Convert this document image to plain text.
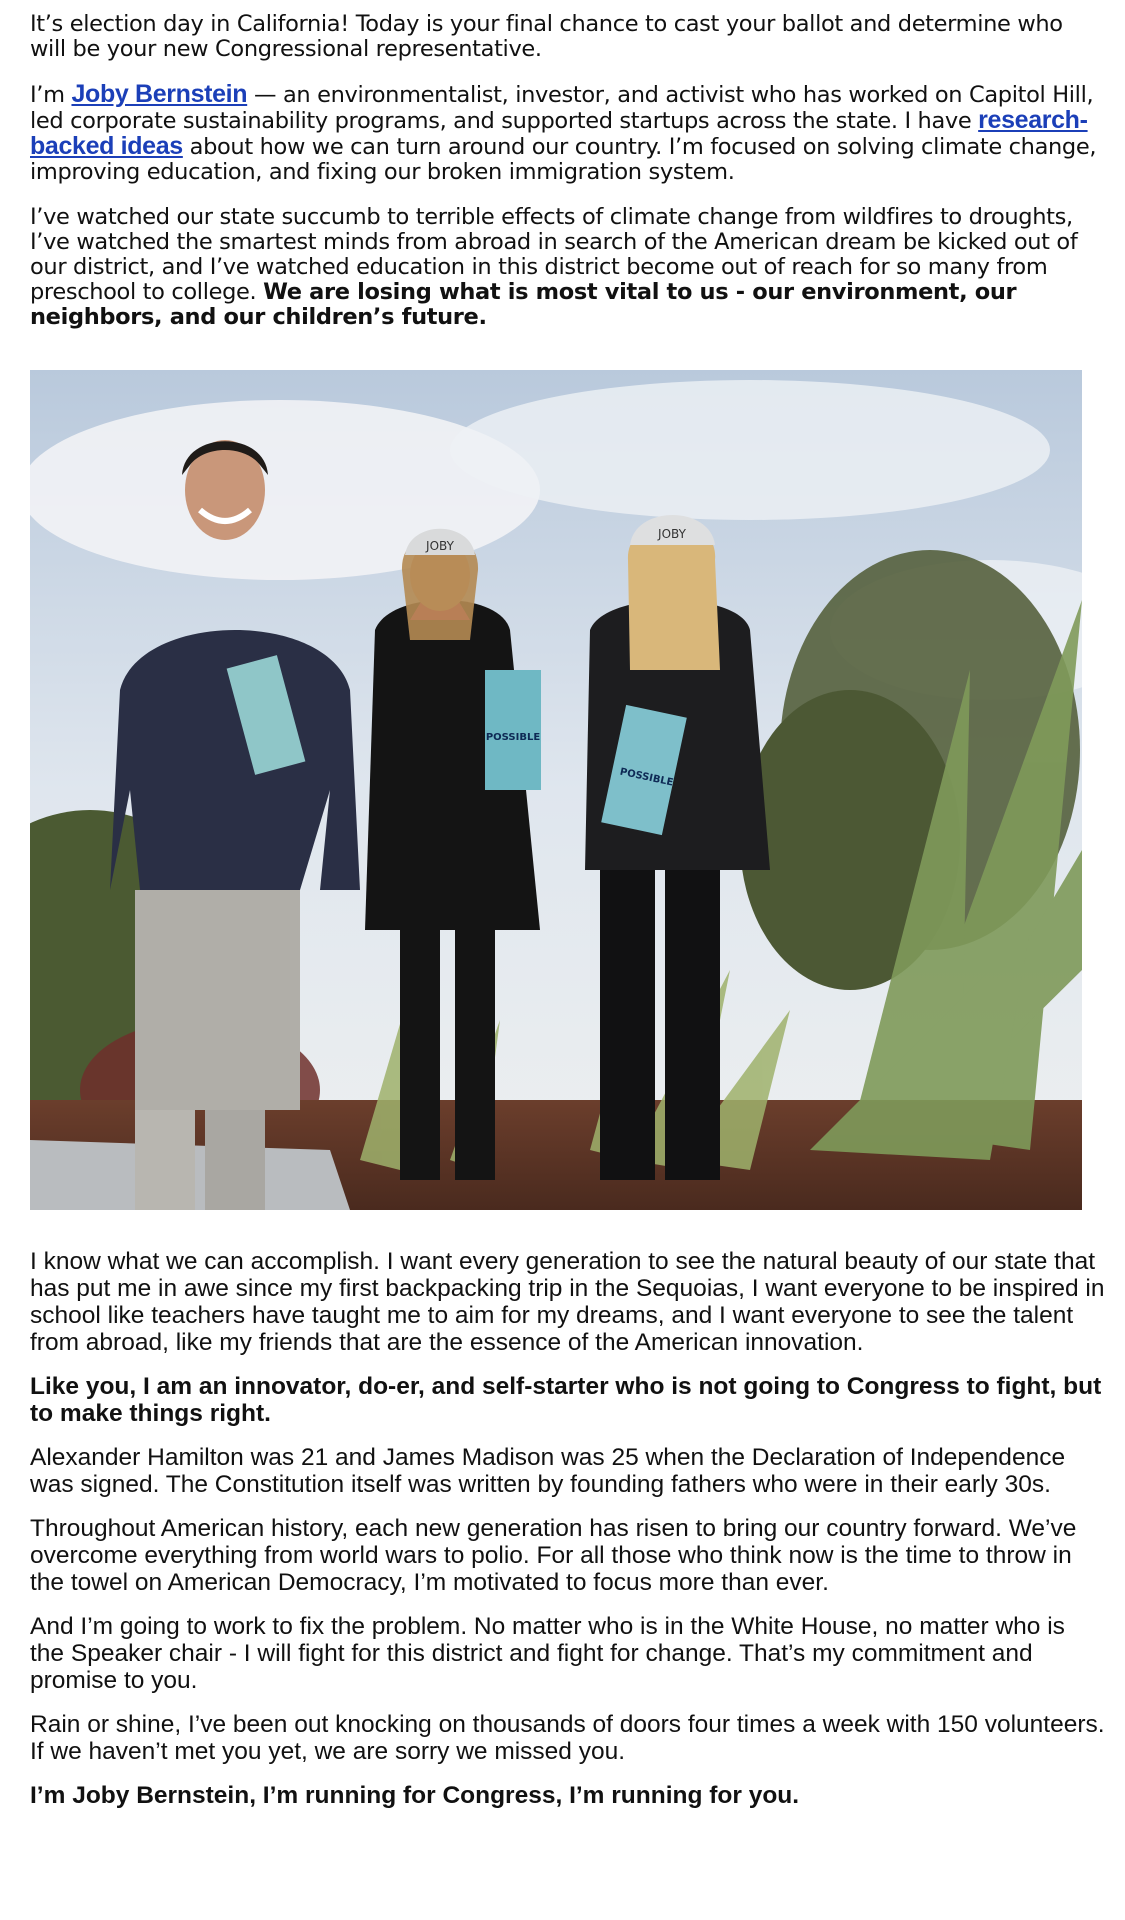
It’s election day in California! Today is your final chance to cast your ballot and determine who will be your new Congressional representative.

I’m Joby Bernstein — an environmentalist, investor, and activist who has worked on Capitol Hill, led corporate sustainability programs, and supported startups across the state. I have research-backed ideas about how we can turn around our country. I’m focused on solving climate change, improving education, and fixing our broken immigration system.

I’ve watched our state succumb to terrible effects of climate change from wildfires to droughts, I’ve watched the smartest minds from abroad in search of the American dream be kicked out of our district, and I’ve watched education in this district become out of reach for so many from preschool to college. We are losing what is most vital to us - our environment, our neighbors, and our children’s future.

JOBY
POSSIBLE
JOBY
POSSIBLE

I know what we can accomplish. I want every generation to see the natural beauty of our state that has put me in awe since my first backpacking trip in the Sequoias, I want everyone to be inspired in school like teachers have taught me to aim for my dreams, and I want everyone to see the talent from abroad, like my friends that are the essence of the American innovation.

Like you, I am an innovator, do-er, and self-starter who is not going to Congress to fight, but to make things right.

Alexander Hamilton was 21 and James Madison was 25 when the Declaration of Independence was signed. The Constitution itself was written by founding fathers who were in their early 30s.

Throughout American history, each new generation has risen to bring our country forward. We’ve overcome everything from world wars to polio. For all those who think now is the time to throw in the towel on American Democracy, I’m motivated to focus more than ever.

And I’m going to work to fix the problem. No matter who is in the White House, no matter who is the Speaker chair - I will fight for this district and fight for change. That’s my commitment and promise to you.

Rain or shine, I’ve been out knocking on thousands of doors four times a week with 150 volunteers. If we haven’t met you yet, we are sorry we missed you.

I’m Joby Bernstein, I’m running for Congress, I’m running for you.
